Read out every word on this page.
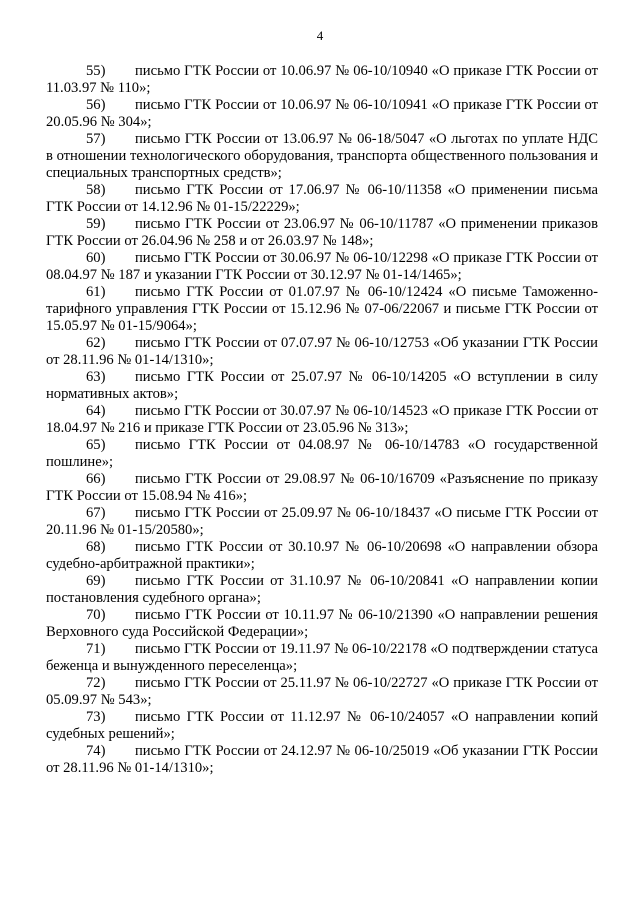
4

55) письмо ГТК России от 10.06.97 № 06-10/10940 «О приказе ГТК России от 11.03.97 № 110»;

56) письмо ГТК России от 10.06.97 № 06-10/10941 «О приказе ГТК России от 20.05.96 № 304»;

57) письмо ГТК России от 13.06.97 № 06-18/5047 «О льготах по уплате НДС в отношении технологического оборудования, транспорта общественного пользования и специальных транспортных средств»;

58) письмо ГТК России от 17.06.97 № 06-10/11358 «О применении письма ГТК России от 14.12.96 № 01-15/22229»;

59) письмо ГТК России от 23.06.97 № 06-10/11787 «О применении приказов ГТК России от 26.04.96 № 258 и от 26.03.97 № 148»;

60) письмо ГТК России от 30.06.97 № 06-10/12298 «О приказе ГТК России от 08.04.97 № 187 и указании ГТК России от 30.12.97 № 01-14/1465»;

61) письмо ГТК России от 01.07.97 № 06-10/12424 «О письме Таможенно-тарифного управления ГТК России от 15.12.96 № 07-06/22067 и письме ГТК России от 15.05.97 № 01-15/9064»;

62) письмо ГТК России от 07.07.97 № 06-10/12753 «Об указании ГТК России от 28.11.96 № 01-14/1310»;

63) письмо ГТК России от 25.07.97 № 06-10/14205 «О вступлении в силу нормативных актов»;

64) письмо ГТК России от 30.07.97 № 06-10/14523 «О приказе ГТК России от 18.04.97 № 216 и приказе ГТК России от 23.05.96 № 313»;

65) письмо ГТК России от 04.08.97 № 06-10/14783 «О государственной пошлине»;

66) письмо ГТК России от 29.08.97 № 06-10/16709 «Разъяснение по приказу ГТК России от 15.08.94 № 416»;

67) письмо ГТК России от 25.09.97 № 06-10/18437 «О письме ГТК России от 20.11.96 № 01-15/20580»;

68) письмо ГТК России от 30.10.97 № 06-10/20698 «О направлении обзора судебно-арбитражной практики»;

69) письмо ГТК России от 31.10.97 № 06-10/20841 «О направлении копии постановления судебного органа»;

70) письмо ГТК России от 10.11.97 № 06-10/21390 «О направлении решения Верховного суда Российской Федерации»;

71) письмо ГТК России от 19.11.97 № 06-10/22178 «О подтверждении статуса беженца и вынужденного переселенца»;

72) письмо ГТК России от 25.11.97 № 06-10/22727 «О приказе ГТК России от 05.09.97 № 543»;

73) письмо ГТК России от 11.12.97 № 06-10/24057 «О направлении копий судебных решений»;

74) письмо ГТК России от 24.12.97 № 06-10/25019 «Об указании ГТК России от 28.11.96 № 01-14/1310»;
